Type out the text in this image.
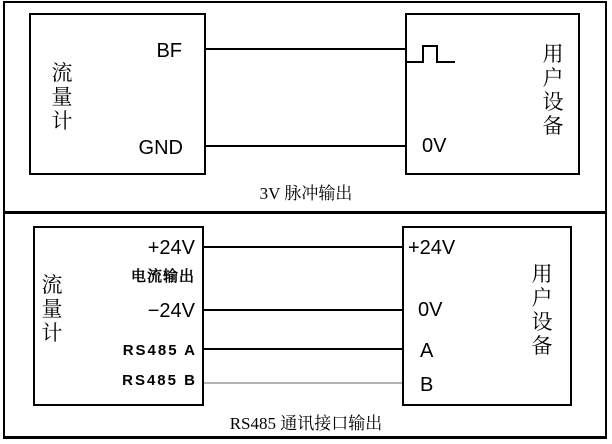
流量计
BF
GND	0V
用户设备
3V 脉冲输出
流量计
+24V
电流输出
−24V
RS485 A
RS485 B
+24V
0V
A
B
用户设备
RS485 通讯接口输出
